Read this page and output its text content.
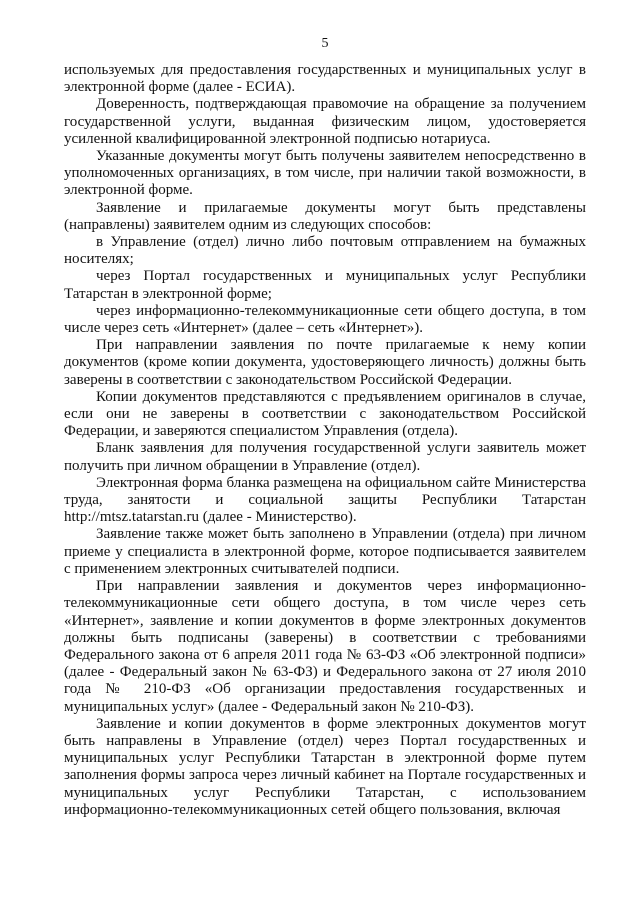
5

используемых для предоставления государственных и муниципальных услуг в электронной форме (далее - ЕСИА).

Доверенность, подтверждающая правомочие на обращение за получением государственной услуги, выданная физическим лицом, удостоверяется усиленной квалифицированной электронной подписью нотариуса.

Указанные документы могут быть получены заявителем непосредственно в уполномоченных организациях, в том числе, при наличии такой возможности, в электронной форме.

Заявление и прилагаемые документы могут быть представлены (направлены) заявителем одним из следующих способов:

в Управление (отдел) лично либо почтовым отправлением на бумажных носителях;

через Портал государственных и муниципальных услуг Республики Татарстан в электронной форме;

через информационно-телекоммуникационные сети общего доступа, в том числе через сеть «Интернет» (далее – сеть «Интернет»).

При направлении заявления по почте прилагаемые к нему копии документов (кроме копии документа, удостоверяющего личность) должны быть заверены в соответствии с законодательством Российской Федерации.

Копии документов представляются с предъявлением оригиналов в случае, если они не заверены в соответствии с законодательством Российской Федерации, и заверяются специалистом Управления (отдела).

Бланк заявления для получения государственной услуги заявитель может получить при личном обращении в Управление (отдел).

Электронная форма бланка размещена на официальном сайте Министерства труда, занятости и социальной защиты Республики Татарстан http://mtsz.tatarstan.ru (далее - Министерство).

Заявление также может быть заполнено в Управлении (отдела) при личном приеме у специалиста в электронной форме, которое подписывается заявителем с применением электронных считывателей подписи.

При направлении заявления и документов через информационно-телекоммуникационные сети общего доступа, в том числе через сеть «Интернет», заявление и копии документов в форме электронных документов должны быть подписаны (заверены) в соответствии с требованиями Федерального закона от 6 апреля 2011 года № 63-ФЗ «Об электронной подписи» (далее - Федеральный закон № 63-ФЗ) и Федерального закона от 27 июля 2010 года № 210-ФЗ «Об организации предоставления государственных и муниципальных услуг» (далее - Федеральный закон № 210-ФЗ).

Заявление и копии документов в форме электронных документов могут быть направлены в Управление (отдел) через Портал государственных и муниципальных услуг Республики Татарстан в электронной форме путем заполнения формы запроса через личный кабинет на Портале государственных и муниципальных услуг Республики Татарстан, с использованием информационно-телекоммуникационных сетей общего пользования, включая
